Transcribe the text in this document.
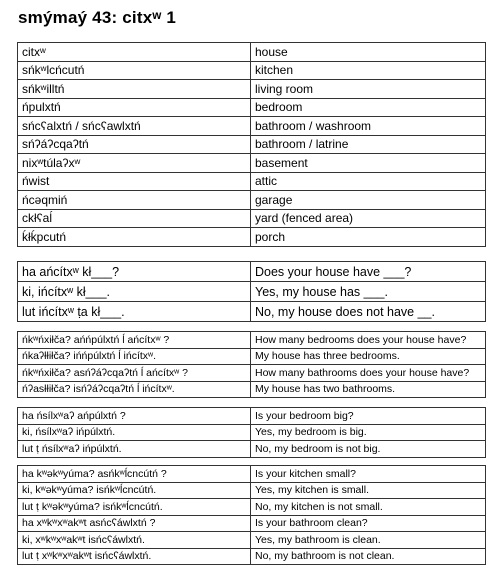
smýmaý 43: citxʷ 1
citxʷ	house
sńkʷlcńcutń	kitchen
sńkʷilltń	living room
ńpulxtń	bedroom
sńcʕalxtń / sńcʕawlxtń	bathroom / washroom
sńʔáʔcqaʔtń	bathroom / latrine
nixʷtúlaʔxʷ	basement
ńwist	attic
ńcəqmiń	garage
ckłʕaĺ	yard (fenced area)
ḱłḱpcutń	porch
ha ańcítxʷ kł___?	Does your house have ___?
ki, ińcítxʷ kł___.	Yes, my house has ___.
lut ińcítxʷ ṭa kł___.	No, my house does not have __.
ńkʷńxiłča? ańńpúlxtń ĺ ańcítxʷ ?	How many bedrooms does your house have?
ńkaʔłłiłča? ińńpúlxtń ĺ ińcítxʷ.	My house has three bedrooms.
ńkʷńxiłča? asńʔáʔcqaʔtń ĺ ańcítxʷ ?	How many bathrooms does your house have?
ńʔasłłiłča? isńʔáʔcqaʔtń ĺ ińcítxʷ.	My house has two bathrooms.
ha ńsílxʷaʔ ańpúlxtń ?	Is your bedroom big?
ki, ńsílxʷaʔ ińpúlxtń.	Yes, my bedroom is big.
lut ṭ ńsílxʷaʔ ińpúlxtń.	No, my bedroom is not big.
ha kʷəkʷyúma? asńkʷĺcncútń ?	Is your kitchen small?
ki, kʷəkʷyúma? isńkʷĺcncútń.	Yes, my kitchen is small.
lut ṭ kʷəkʷyúma? isńkʷĺcncútń.	No, my kitchen is not small.
ha xʷkʷxʷakʷt asńcʕáwlxtń ?	Is your bathroom clean?
ki, xʷkʷxʷakʷt isńcʕáwlxtń.	Yes, my bathroom is clean.
lut ṭ xʷkʷxʷakʷt isńcʕáwlxtń.	No, my bathroom is not clean.
